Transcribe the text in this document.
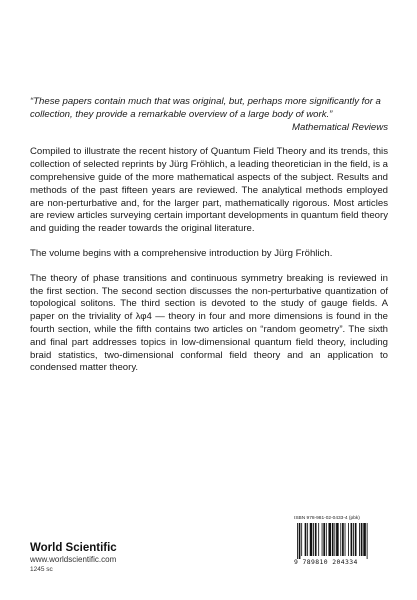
“These papers contain much that was original, but, perhaps more significantly for a collection, they provide a remarkable overview of a large body of work.”

Mathematical Reviews

Compiled to illustrate the recent history of Quantum Field Theory and its trends, this collection of selected reprints by Jürg Fröhlich, a leading theoretician in the field, is a comprehensive guide of the more mathematical aspects of the subject. Results and methods of the past fifteen years are reviewed. The analytical methods employed are non-perturbative and, for the larger part, mathematically rigorous. Most articles are review articles surveying certain important developments in quantum field theory and guiding the reader towards the original literature.

The volume begins with a comprehensive introduction by Jürg Fröhlich.

The theory of phase transitions and continuous symmetry breaking is reviewed in the first section. The second section discusses the non-perturbative quantization of topological solitons. The third section is devoted to the study of gauge fields. A paper on the triviality of λφ4 — theory in four and more dimensions is found in the fourth section, while the fifth contains two articles on “random geometry”. The sixth and final part addresses topics in low-dimensional quantum field theory, including braid statistics, two-dimensional conformal field theory and an application to condensed matter theory.

World Scientific
www.worldscientific.com
1245 sc
ISBN 978-981-02-0433-4 (pbk)
9 789810 204334
